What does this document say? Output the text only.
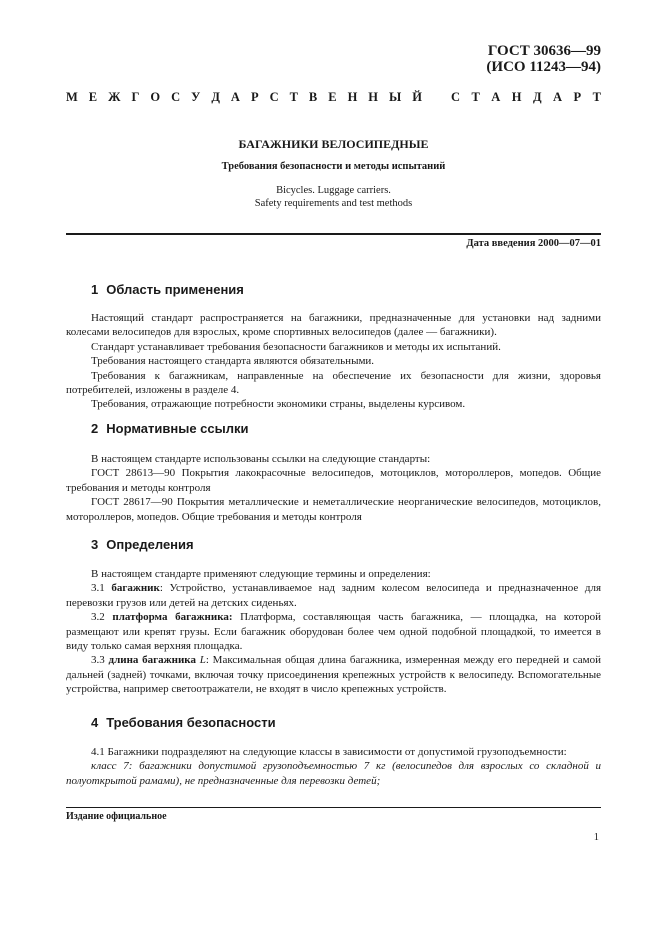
ГОСТ 30636—99
(ИСО 11243—94)
М Е Ж Г О С У Д А Р С Т В Е Н Н Ы Й С Т А Н Д А Р Т
БАГАЖНИКИ ВЕЛОСИПЕДНЫЕ
Требования безопасности и методы испытаний
Bicycles. Luggage carriers.
Safety requirements and test methods
Дата введения 2000—07—01
1 Область применения

Настоящий стандарт распространяется на багажники, предназначенные для установки над задними колесами велосипедов для взрослых, кроме спортивных велосипедов (далее — багажники).

Стандарт устанавливает требования безопасности багажников и методы их испытаний.

Требования настоящего стандарта являются обязательными.

Требования к багажникам, направленные на обеспечение их безопасности для жизни, здоровья потребителей, изложены в разделе 4.

Требования, отражающие потребности экономики страны, выделены курсивом.

2 Нормативные ссылки

В настоящем стандарте использованы ссылки на следующие стандарты:

ГОСТ 28613—90 Покрытия лакокрасочные велосипедов, мотоциклов, мотороллеров, мопедов. Общие требования и методы контроля

ГОСТ 28617—90 Покрытия металлические и неметаллические неорганические велосипедов, мотоциклов, мотороллеров, мопедов. Общие требования и методы контроля

3 Определения

В настоящем стандарте применяют следующие термины и определения:

3.1 багажник: Устройство, устанавливаемое над задним колесом велосипеда и предназначенное для перевозки грузов или детей на детских сиденьях.

3.2 платформа багажника: Платформа, составляющая часть багажника, — площадка, на которой размещают или крепят грузы. Если багажник оборудован более чем одной подобной площадкой, то имеется в виду только самая верхняя площадка.

3.3 длина багажника L: Максимальная общая длина багажника, измеренная между его передней и самой дальней (задней) точками, включая точку присоединения крепежных устройств к велосипеду. Вспомогательные устройства, например светоотражатели, не входят в число крепежных устройств.

4 Требования безопасности

4.1 Багажники подразделяют на следующие классы в зависимости от допустимой грузоподъемности:

класс 7: багажники допустимой грузоподъемностью 7 кг (велосипедов для взрослых со складной и полуоткрытой рамами), не предназначенные для перевозки детей;

Издание официальное
1
